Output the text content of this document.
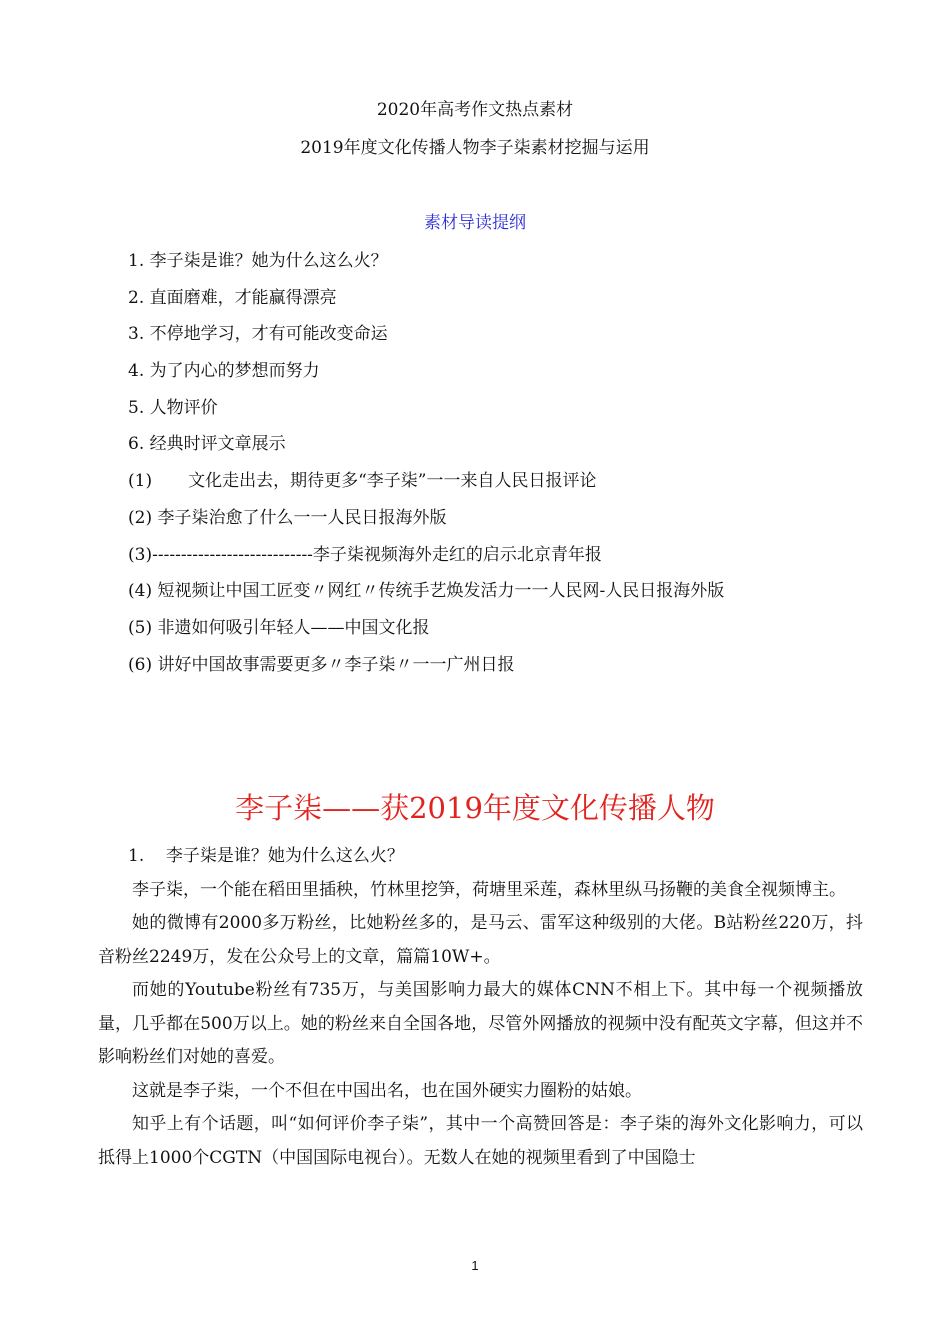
2020年高考作文热点素材
2019年度文化传播人物李子柒素材挖掘与运用
素材导读提纲
1. 李子柒是谁？她为什么这么火？
2. 直面磨难，才能赢得漂亮
3. 不停地学习，才有可能改变命运
4. 为了内心的梦想而努力
5. 人物评价
6. 经典时评文章展示
(1) 文化走出去，期待更多“李子柒”一一来自人民日报评论
(2) 李子柒治愈了什么一一人民日报海外版
(3)----------------------------李子柒视频海外走红的启示北京青年报
(4) 短视频让中国工匠变〃网红〃传统手艺焕发活力一一人民网-人民日报海外版
(5) 非遗如何吸引年轻人——中国文化报
(6) 讲好中国故事需要更多〃李子柒〃一一广州日报
李子柒——获2019年度文化传播人物

1.    李子柒是谁？她为什么这么火？

李子柒，一个能在稻田里插秧，竹林里挖笋，荷塘里采莲，森林里纵马扬鞭的美食全视频博主。

她的微博有2000多万粉丝，比她粉丝多的，是马云、雷军这种级别的大佬。B站粉丝220万，抖音粉丝2249万，发在公众号上的文章，篇篇10W+。

而她的Youtube粉丝有735万，与美国影响力最大的媒体CNN不相上下。其中每一个视频播放量，几乎都在500万以上。她的粉丝来自全国各地，尽管外网播放的视频中没有配英文字幕，但这并不影响粉丝们对她的喜爱。

这就是李子柒，一个不但在中国出名，也在国外硬实力圈粉的姑娘。

知乎上有个话题，叫“如何评价李子柒”，其中一个高赞回答是：李子柒的海外文化影响力，可以抵得上1000个CGTN（中国国际电视台）。无数人在她的视频里看到了中国隐士

1
